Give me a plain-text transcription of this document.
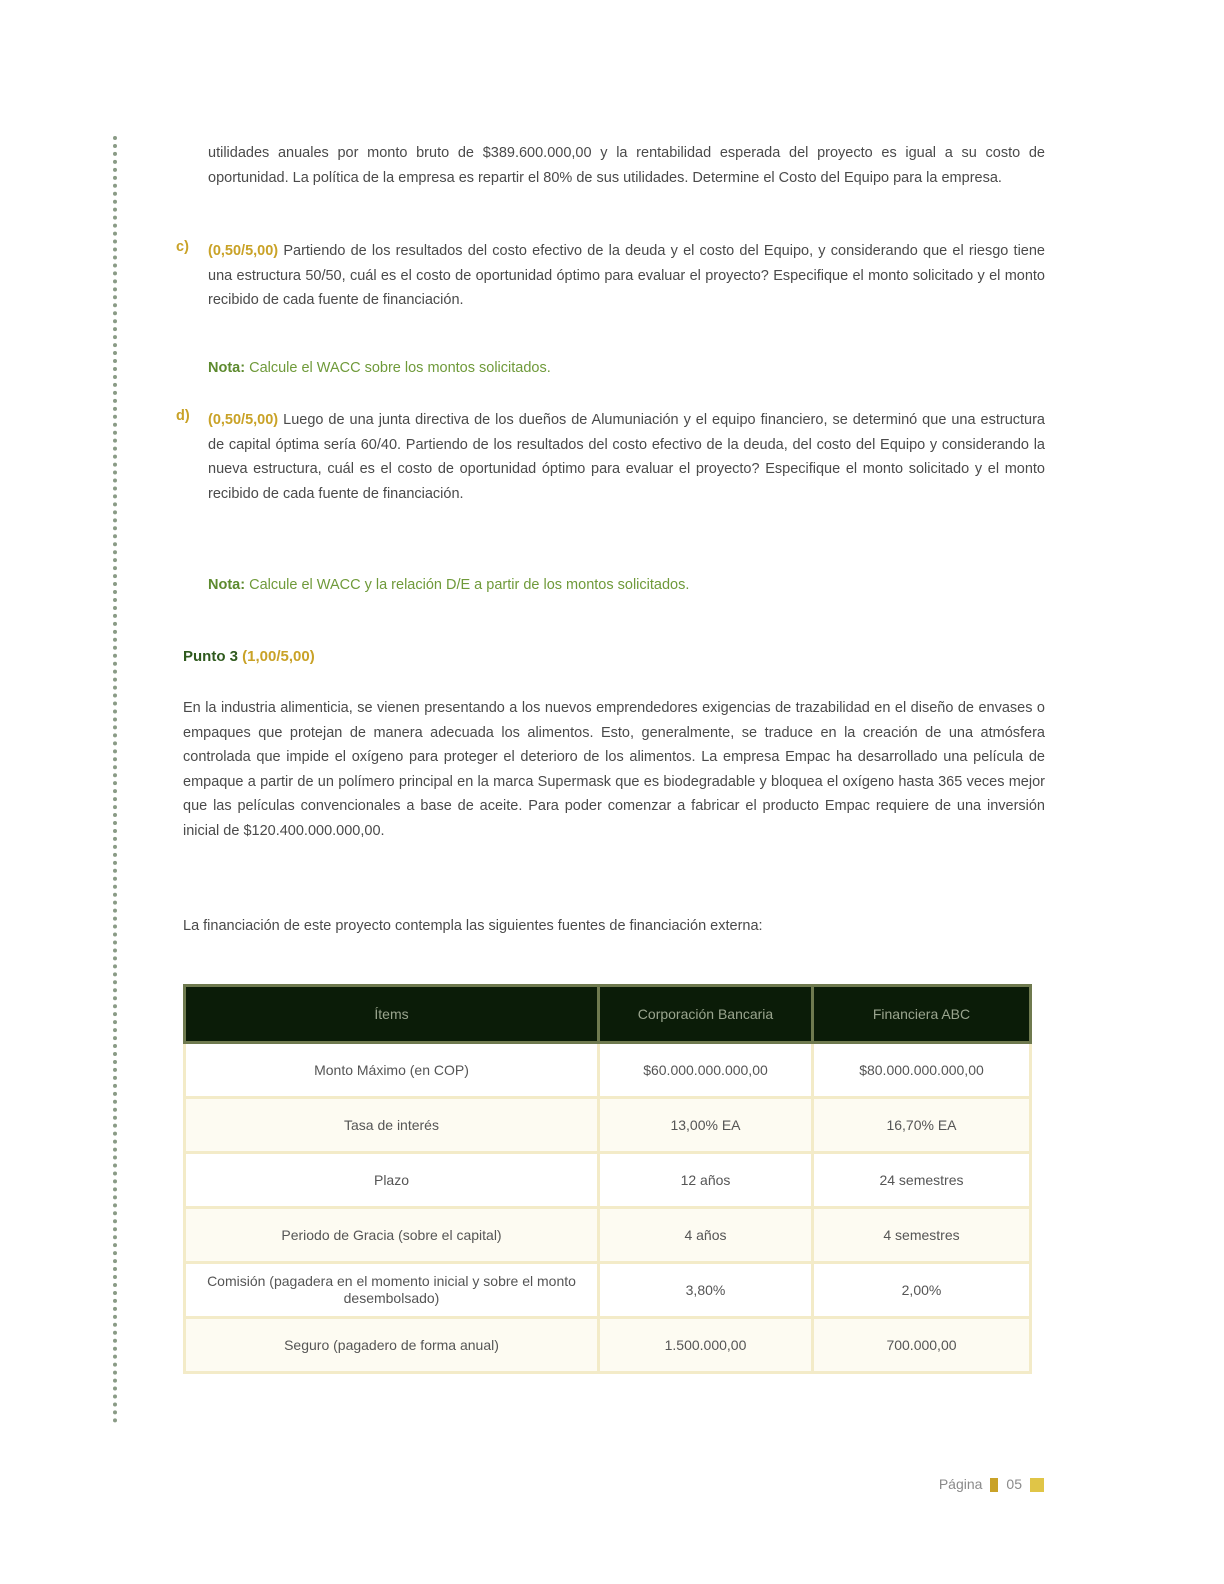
utilidades anuales por monto bruto de $389.600.000,00 y la rentabilidad esperada del proyecto es igual a su costo de oportunidad. La política de la empresa es repartir el 80% de sus utilidades. Determine el Costo del Equipo para la empresa.

c) (0,50/5,00) Partiendo de los resultados del costo efectivo de la deuda y el costo del Equipo, y considerando que el riesgo tiene una estructura 50/50, cuál es el costo de oportunidad óptimo para evaluar el proyecto? Especifique el monto solicitado y el monto recibido de cada fuente de financiación.

Nota: Calcule el WACC sobre los montos solicitados.

d) (0,50/5,00) Luego de una junta directiva de los dueños de Alumuniación y el equipo financiero, se determinó que una estructura de capital óptima sería 60/40. Partiendo de los resultados del costo efectivo de la deuda, del costo del Equipo y considerando la nueva estructura, cuál es el costo de oportunidad óptimo para evaluar el proyecto? Especifique el monto solicitado y el monto recibido de cada fuente de financiación.

Nota: Calcule el WACC y la relación D/E a partir de los montos solicitados.

Punto 3 (1,00/5,00)

En la industria alimenticia, se vienen presentando a los nuevos emprendedores exigencias de trazabilidad en el diseño de envases o empaques que protejan de manera adecuada los alimentos. Esto, generalmente, se traduce en la creación de una atmósfera controlada que impide el oxígeno para proteger el deterioro de los alimentos. La empresa Empac ha desarrollado una película de empaque a partir de un polímero principal en la marca Supermask que es biodegradable y bloquea el oxígeno hasta 365 veces mejor que las películas convencionales a base de aceite. Para poder comenzar a fabricar el producto Empac requiere de una inversión inicial de $120.400.000.000,00.

La financiación de este proyecto contempla las siguientes fuentes de financiación externa:

Ítems	Corporación Bancaria	Financiera ABC
Monto Máximo (en COP)	$60.000.000.000,00	$80.000.000.000,00
Tasa de interés	13,00% EA	16,70% EA
Plazo	12 años	24 semestres
Periodo de Gracia (sobre el capital)	4 años	4 semestres
Comisión (pagadera en el momento inicial y sobre el monto desembolsado)	3,80%	2,00%
Seguro (pagadero de forma anual)	1.500.000,00	700.000,00
Página 05
